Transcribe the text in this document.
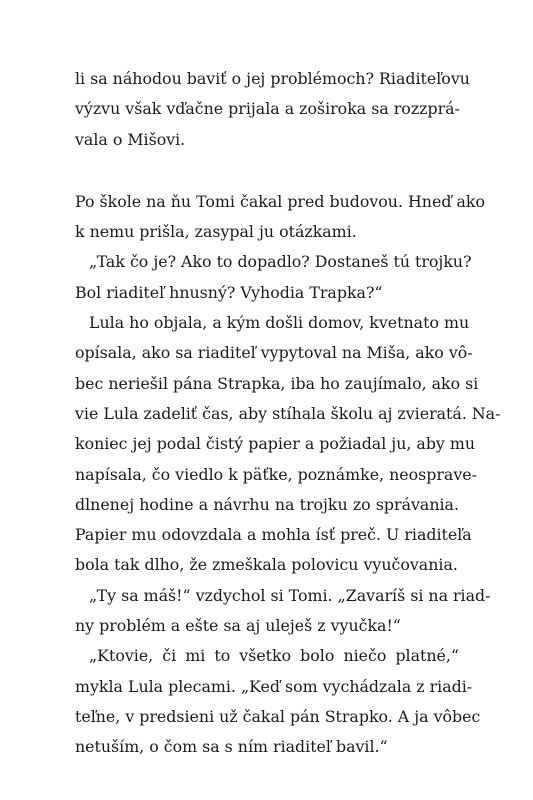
li sa náhodou baviť o jej problémoch? Riaditeľovu
výzvu však vďačne prijala a zoširoka sa rozzprá-
vala o Mišovi.
Po škole na ňu Tomi čakal pred budovou. Hneď ako
k nemu prišla, zasypal ju otázkami.
„Tak čo je? Ako to dopadlo? Dostaneš tú trojku?
Bol riaditeľ hnusný? Vyhodia Trapka?“
Lula ho objala, a kým došli domov, kvetnato mu
opísala, ako sa riaditeľ vypytoval na Miša, ako vô-
bec neriešil pána Strapka, iba ho zaujímalo, ako si
vie Lula zadeliť čas, aby stíhala školu aj zvieratá. Na-
koniec jej podal čistý papier a požiadal ju, aby mu
napísala, čo viedlo k päťke, poznámke, neosprave-
dlnenej hodine a návrhu na trojku zo správania.
Papier mu odovzdala a mohla ísť preč. U riaditeľa
bola tak dlho, že zmeškala polovicu vyučovania.
„Ty sa máš!“ vzdychol si Tomi. „Zavaríš si na riad-
ny problém a ešte sa aj uleješ z vyučka!“
„Ktovie, či mi to všetko bolo niečo platné,“
mykla Lula plecami. „Keď som vychádzala z riadi-
teľne, v predsieni už čakal pán Strapko. A ja vôbec
netuším, o čom sa s ním riaditeľ bavil.“
